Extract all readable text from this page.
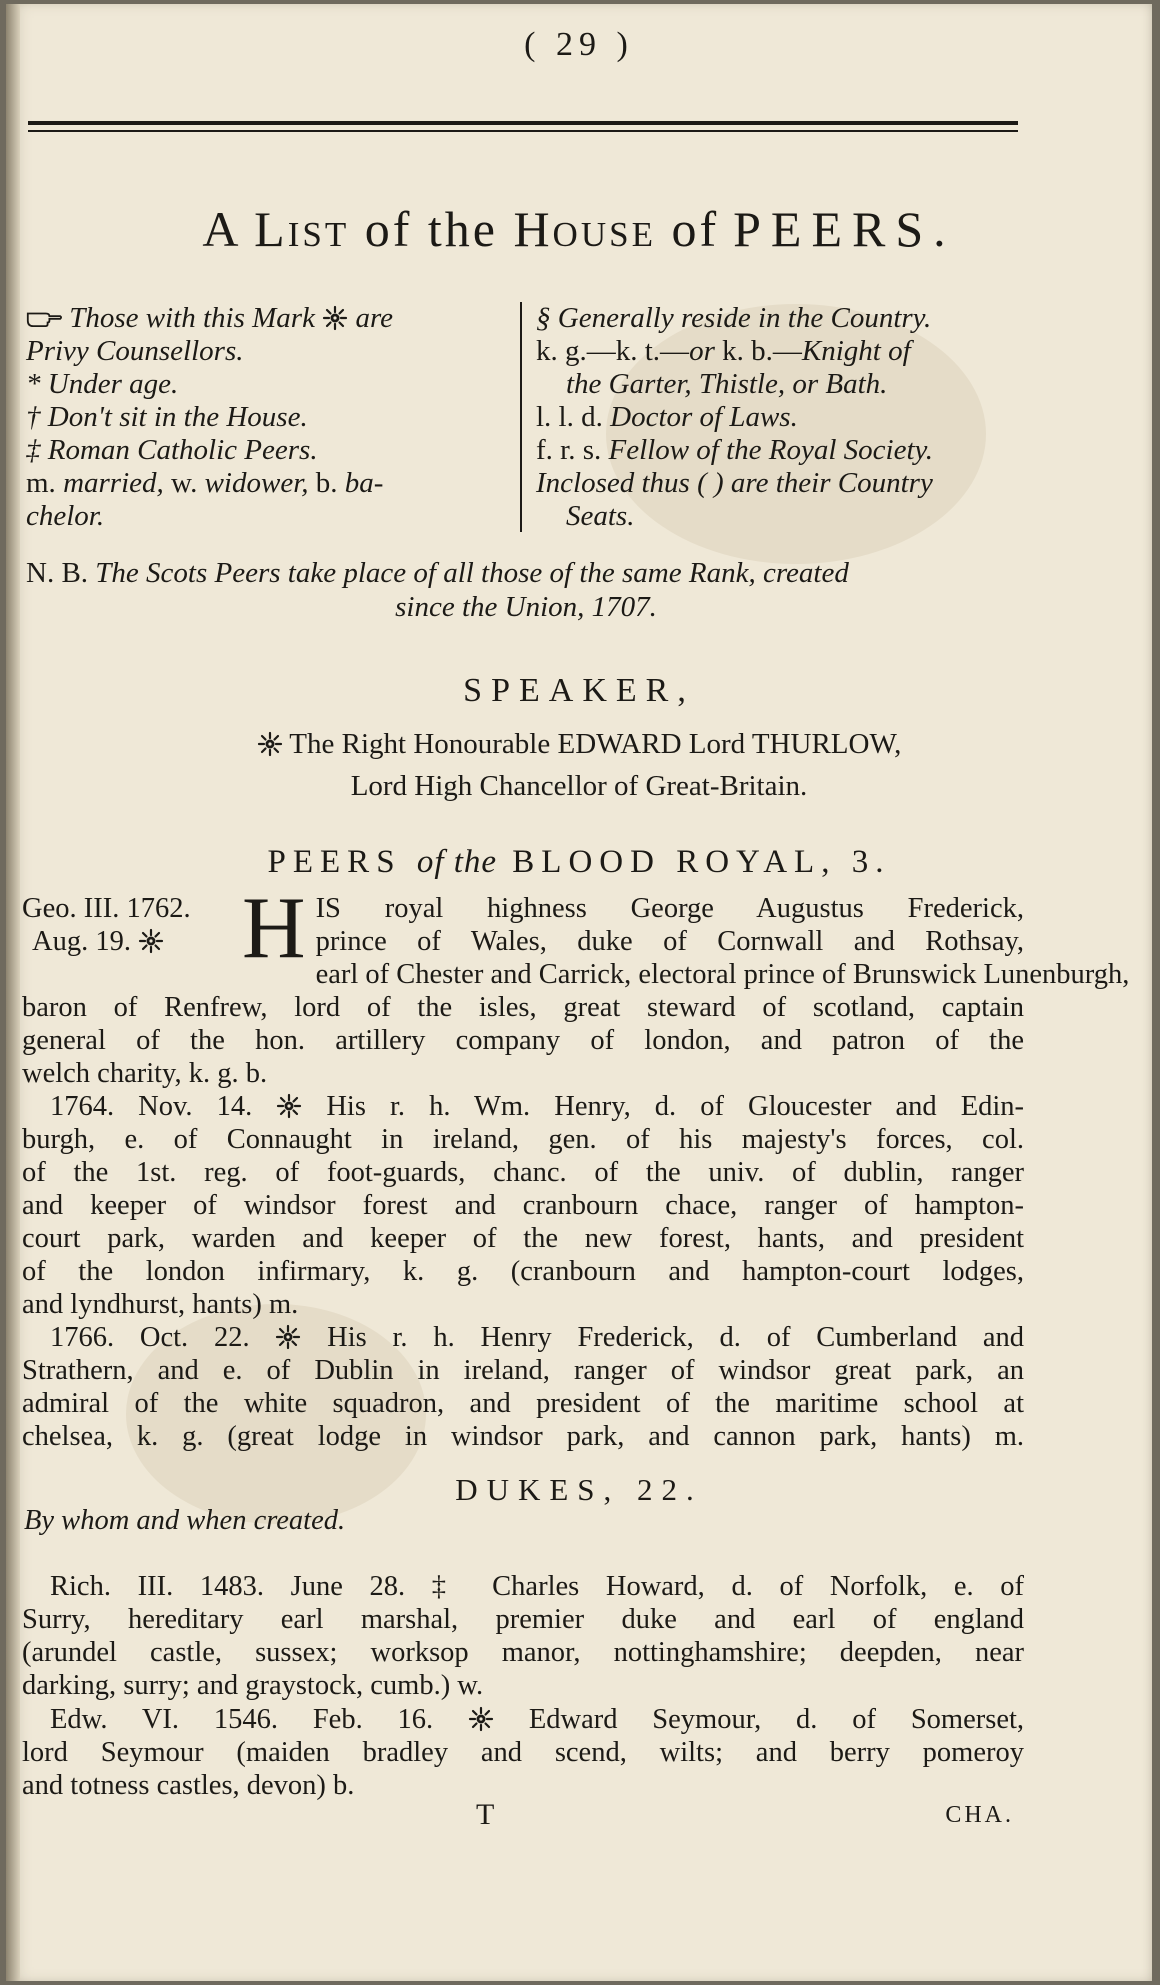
( 29 )
A List of the House of PEERS.
Those with this Mark are
Privy Counsellors.
* Under age.
† Don't sit in the House.
‡ Roman Catholic Peers.
m. married, w. widower, b. ba-
chelor.
§ Generally reside in the Country.
k. g.—k. t.—or k. b.—Knight of
the Garter, Thistle, or Bath.
l. l. d. Doctor of Laws.
f. r. s. Fellow of the Royal Society.
Inclosed thus ( ) are their Country
Seats.
N. B. The Scots Peers take place of all those of the same Rank, created
since the Union, 1707.
SPEAKER,
The Right Honourable EDWARD Lord THURLOW,
Lord High Chancellor of Great-Britain.
PEERS of the BLOOD ROYAL, 3.
Geo. III. 1762.
Aug. 19.	H IS royal highness George Augustus Frederick,
prince of Wales, duke of Cornwall and Rothsay,
earl of Chester and Carrick, electoral prince of Brunswick Lunenburgh,
baron of Renfrew, lord of the isles, great steward of scotland, captain
general of the hon. artillery company of london, and patron of the
welch charity, k. g. b.
1764. Nov. 14.	His r. h. Wm. Henry, d. of Gloucester and Edin-
burgh, e. of Connaught in ireland, gen. of his majesty's forces, col.
of the 1st. reg. of foot-guards, chanc. of the univ. of dublin, ranger
and keeper of windsor forest and cranbourn chace, ranger of hampton-
court park, warden and keeper of the new forest, hants, and president
of the london infirmary, k. g. (cranbourn and hampton-court lodges,
and lyndhurst, hants) m.
1766. Oct. 22.	His r. h. Henry Frederick, d. of Cumberland and
Strathern, and e. of Dublin in ireland, ranger of windsor great park, an
admiral of the white squadron, and president of the maritime school at
chelsea, k. g. (great lodge in windsor park, and cannon park, hants) m.
DUKES, 22.
By whom and when created.
Rich. III. 1483. June 28. ‡ Charles Howard, d. of Norfolk, e. of
Surry, hereditary earl marshal, premier duke and earl of england
(arundel castle, sussex; worksop manor, nottinghamshire; deepden, near
darking, surry; and graystock, cumb.) w.
Edw. VI. 1546. Feb. 16.	Edward Seymour, d. of Somerset,
lord Seymour (maiden bradley and scend, wilts; and berry pomeroy
and totness castles, devon) b.
T	CHA.
